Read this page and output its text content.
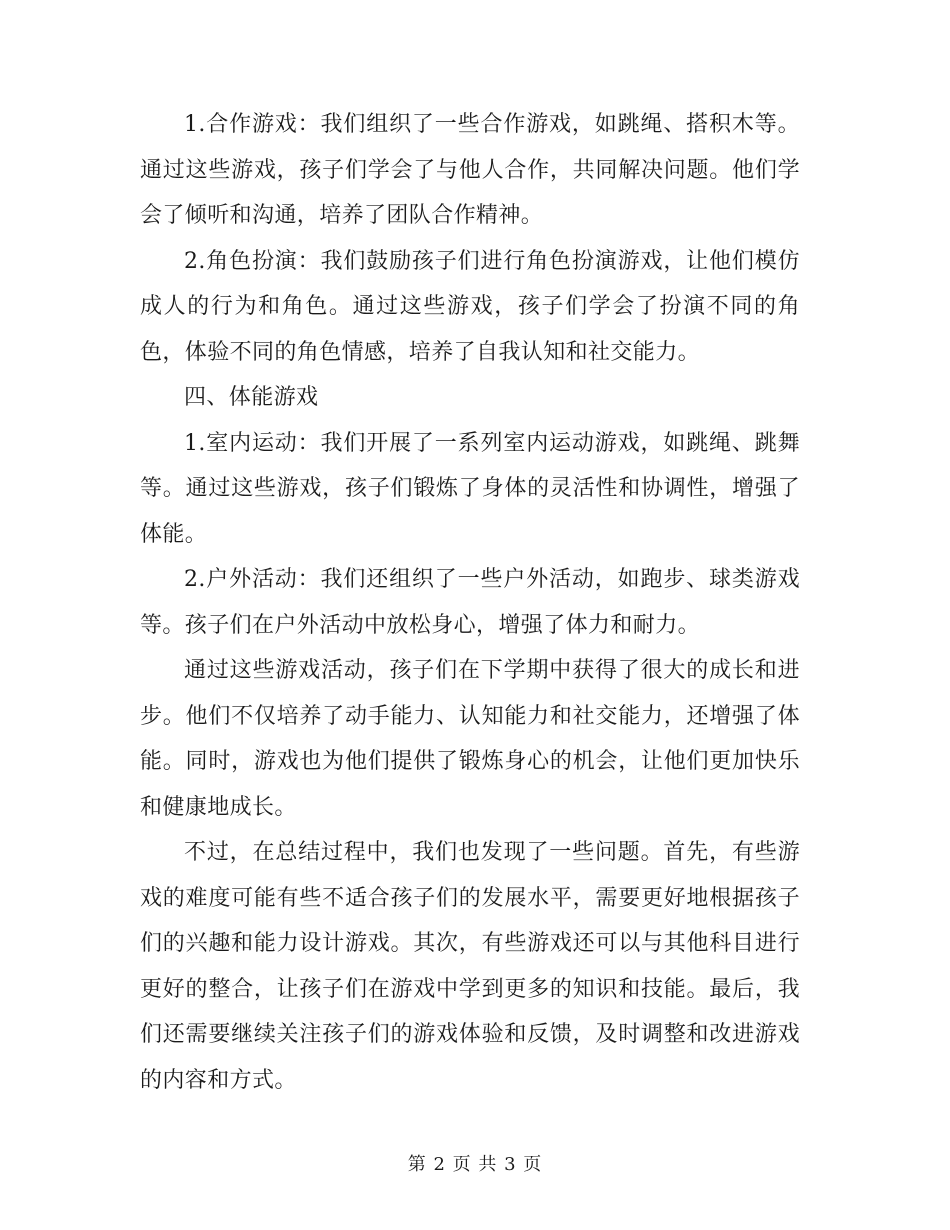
1.合作游戏：我们组织了一些合作游戏，如跳绳、搭积木等。通过这些游戏，孩子们学会了与他人合作，共同解决问题。他们学会了倾听和沟通，培养了团队合作精神。

2.角色扮演：我们鼓励孩子们进行角色扮演游戏，让他们模仿成人的行为和角色。通过这些游戏，孩子们学会了扮演不同的角色，体验不同的角色情感，培养了自我认知和社交能力。

四、体能游戏

1.室内运动：我们开展了一系列室内运动游戏，如跳绳、跳舞等。通过这些游戏，孩子们锻炼了身体的灵活性和协调性，增强了体能。

2.户外活动：我们还组织了一些户外活动，如跑步、球类游戏等。孩子们在户外活动中放松身心，增强了体力和耐力。

通过这些游戏活动，孩子们在下学期中获得了很大的成长和进步。他们不仅培养了动手能力、认知能力和社交能力，还增强了体能。同时，游戏也为他们提供了锻炼身心的机会，让他们更加快乐和健康地成长。

不过，在总结过程中，我们也发现了一些问题。首先，有些游戏的难度可能有些不适合孩子们的发展水平，需要更好地根据孩子们的兴趣和能力设计游戏。其次，有些游戏还可以与其他科目进行更好的整合，让孩子们在游戏中学到更多的知识和技能。最后，我们还需要继续关注孩子们的游戏体验和反馈，及时调整和改进游戏的内容和方式。

第 2 页 共 3 页
